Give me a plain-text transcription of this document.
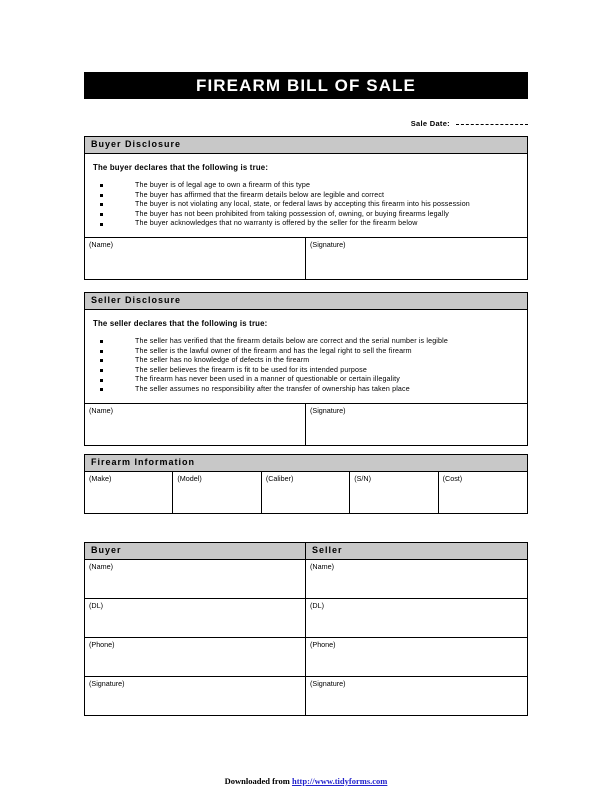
FIREARM BILL OF SALE
Sale Date:
Buyer Disclosure

The buyer declares that the following is true:

The buyer is of legal age to own a firearm of this type
The buyer has affirmed that the firearm details below are legible and correct
The buyer is not violating any local, state, or federal laws by accepting this firearm into his possession
The buyer has not been prohibited from taking possession of, owning, or buying firearms legally
The buyer acknowledges that no warranty is offered by the seller for the firearm below
(Name)	(Signature)
Seller Disclosure

The seller declares that the following is true:

The seller has verified that the firearm details below are correct and the serial number is legible
The seller is the lawful owner of the firearm and has the legal right to sell the firearm
The seller has no knowledge of defects in the firearm
The seller believes the firearm is fit to be used for its intended purpose
The firearm has never been used in a manner of questionable or certain illegality
The seller assumes no responsibility after the transfer of ownership has taken place
(Name)	(Signature)
Firearm Information
(Make)	(Model)	(Caliber)	(S/N)	(Cost)
Buyer	Seller
(Name)	(Name)
(DL)	(DL)
(Phone)	(Phone)
(Signature)	(Signature)
Downloaded from http://www.tidyforms.com
